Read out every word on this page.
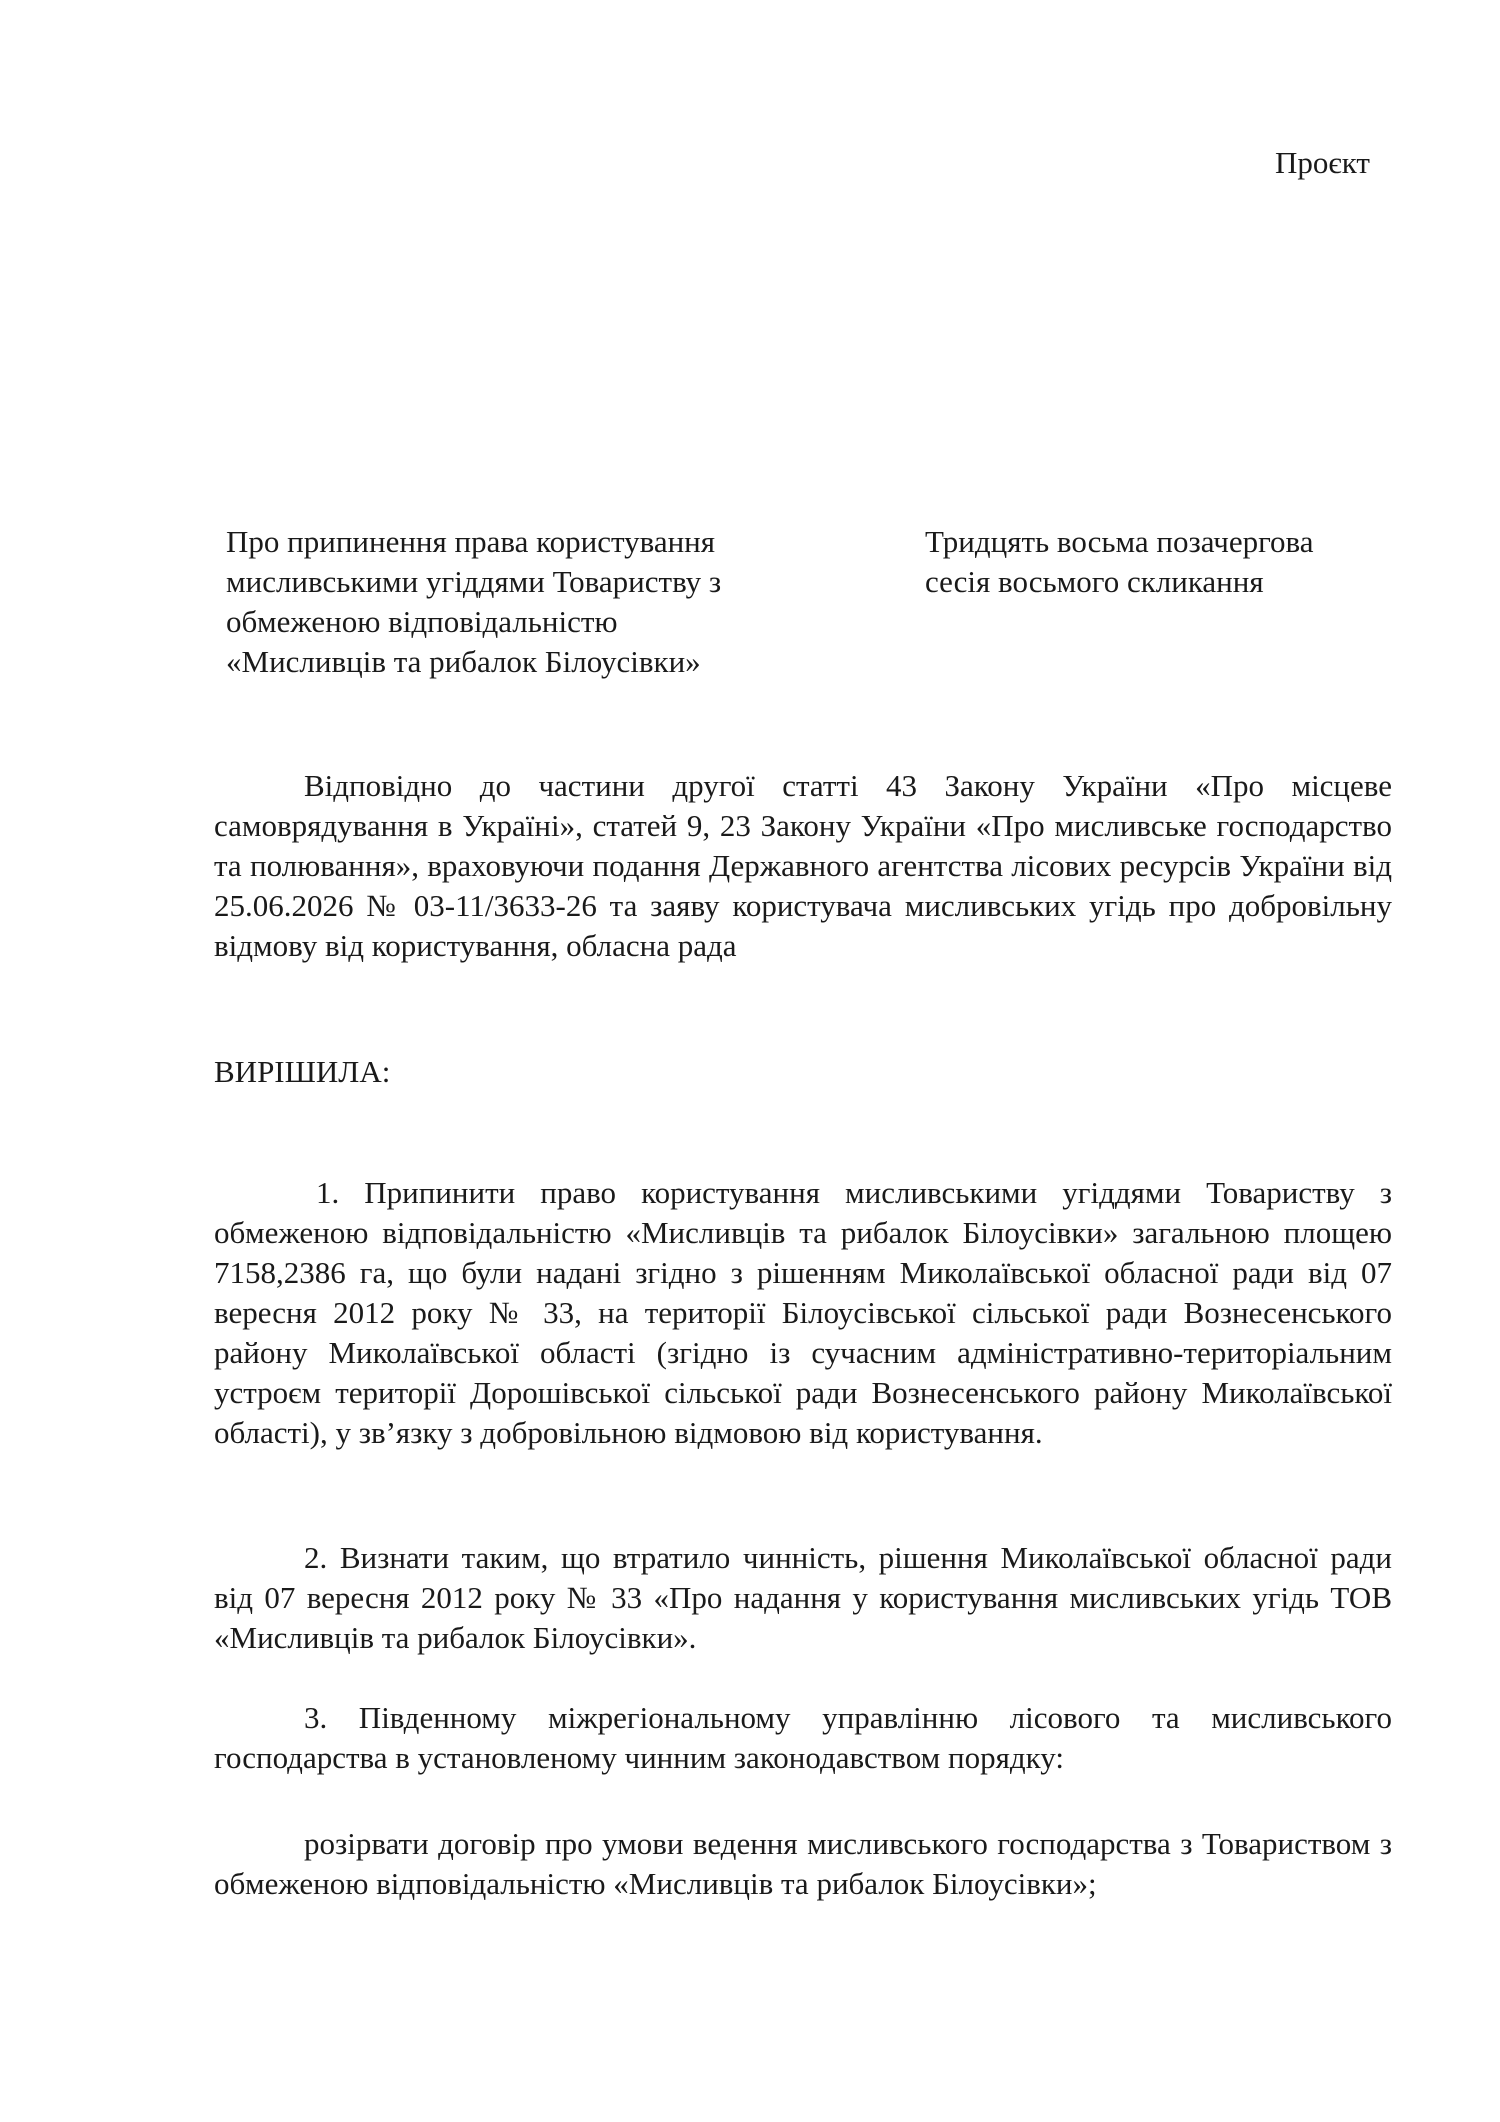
Проєкт
Про припинення права користування
мисливськими угіддями Товариству з
обмеженою відповідальністю
«Мисливців та рибалок Білоусівки»
Тридцять восьма позачергова
сесія восьмого скликання

Відповідно до частини другої статті 43 Закону України «Про місцеве самоврядування в Україні», статей 9, 23 Закону України «Про мисливське господарство та полювання», враховуючи подання Державного агентства лісових ресурсів України від 25.06.2026 № 03-11/3633-26 та заяву користувача мисливських угідь про добровільну відмову від користування, обласна рада

ВИРІШИЛА:

1. Припинити право користування мисливськими угіддями Товариству з обмеженою відповідальністю «Мисливців та рибалок Білоусівки» загальною площею 7158,2386 га, що були надані згідно з рішенням Миколаївської обласної ради від 07 вересня 2012 року № 33, на території Білоусівської сільської ради Вознесенського району Миколаївської області (згідно із сучасним адміністративно-територіальним устроєм території Дорошівської сільської ради Вознесенського району Миколаївської області), у зв’язку з добровільною відмовою від користування.

2. Визнати таким, що втратило чинність, рішення Миколаївської обласної ради від 07 вересня 2012 року № 33 «Про надання у користування мисливських угідь ТОВ «Мисливців та рибалок Білоусівки».

3. Південному міжрегіональному управлінню лісового та мисливського господарства в установленому чинним законодавством порядку:

розірвати договір про умови ведення мисливського господарства з Товариством з обмеженою відповідальністю «Мисливців та рибалок Білоусівки»;
